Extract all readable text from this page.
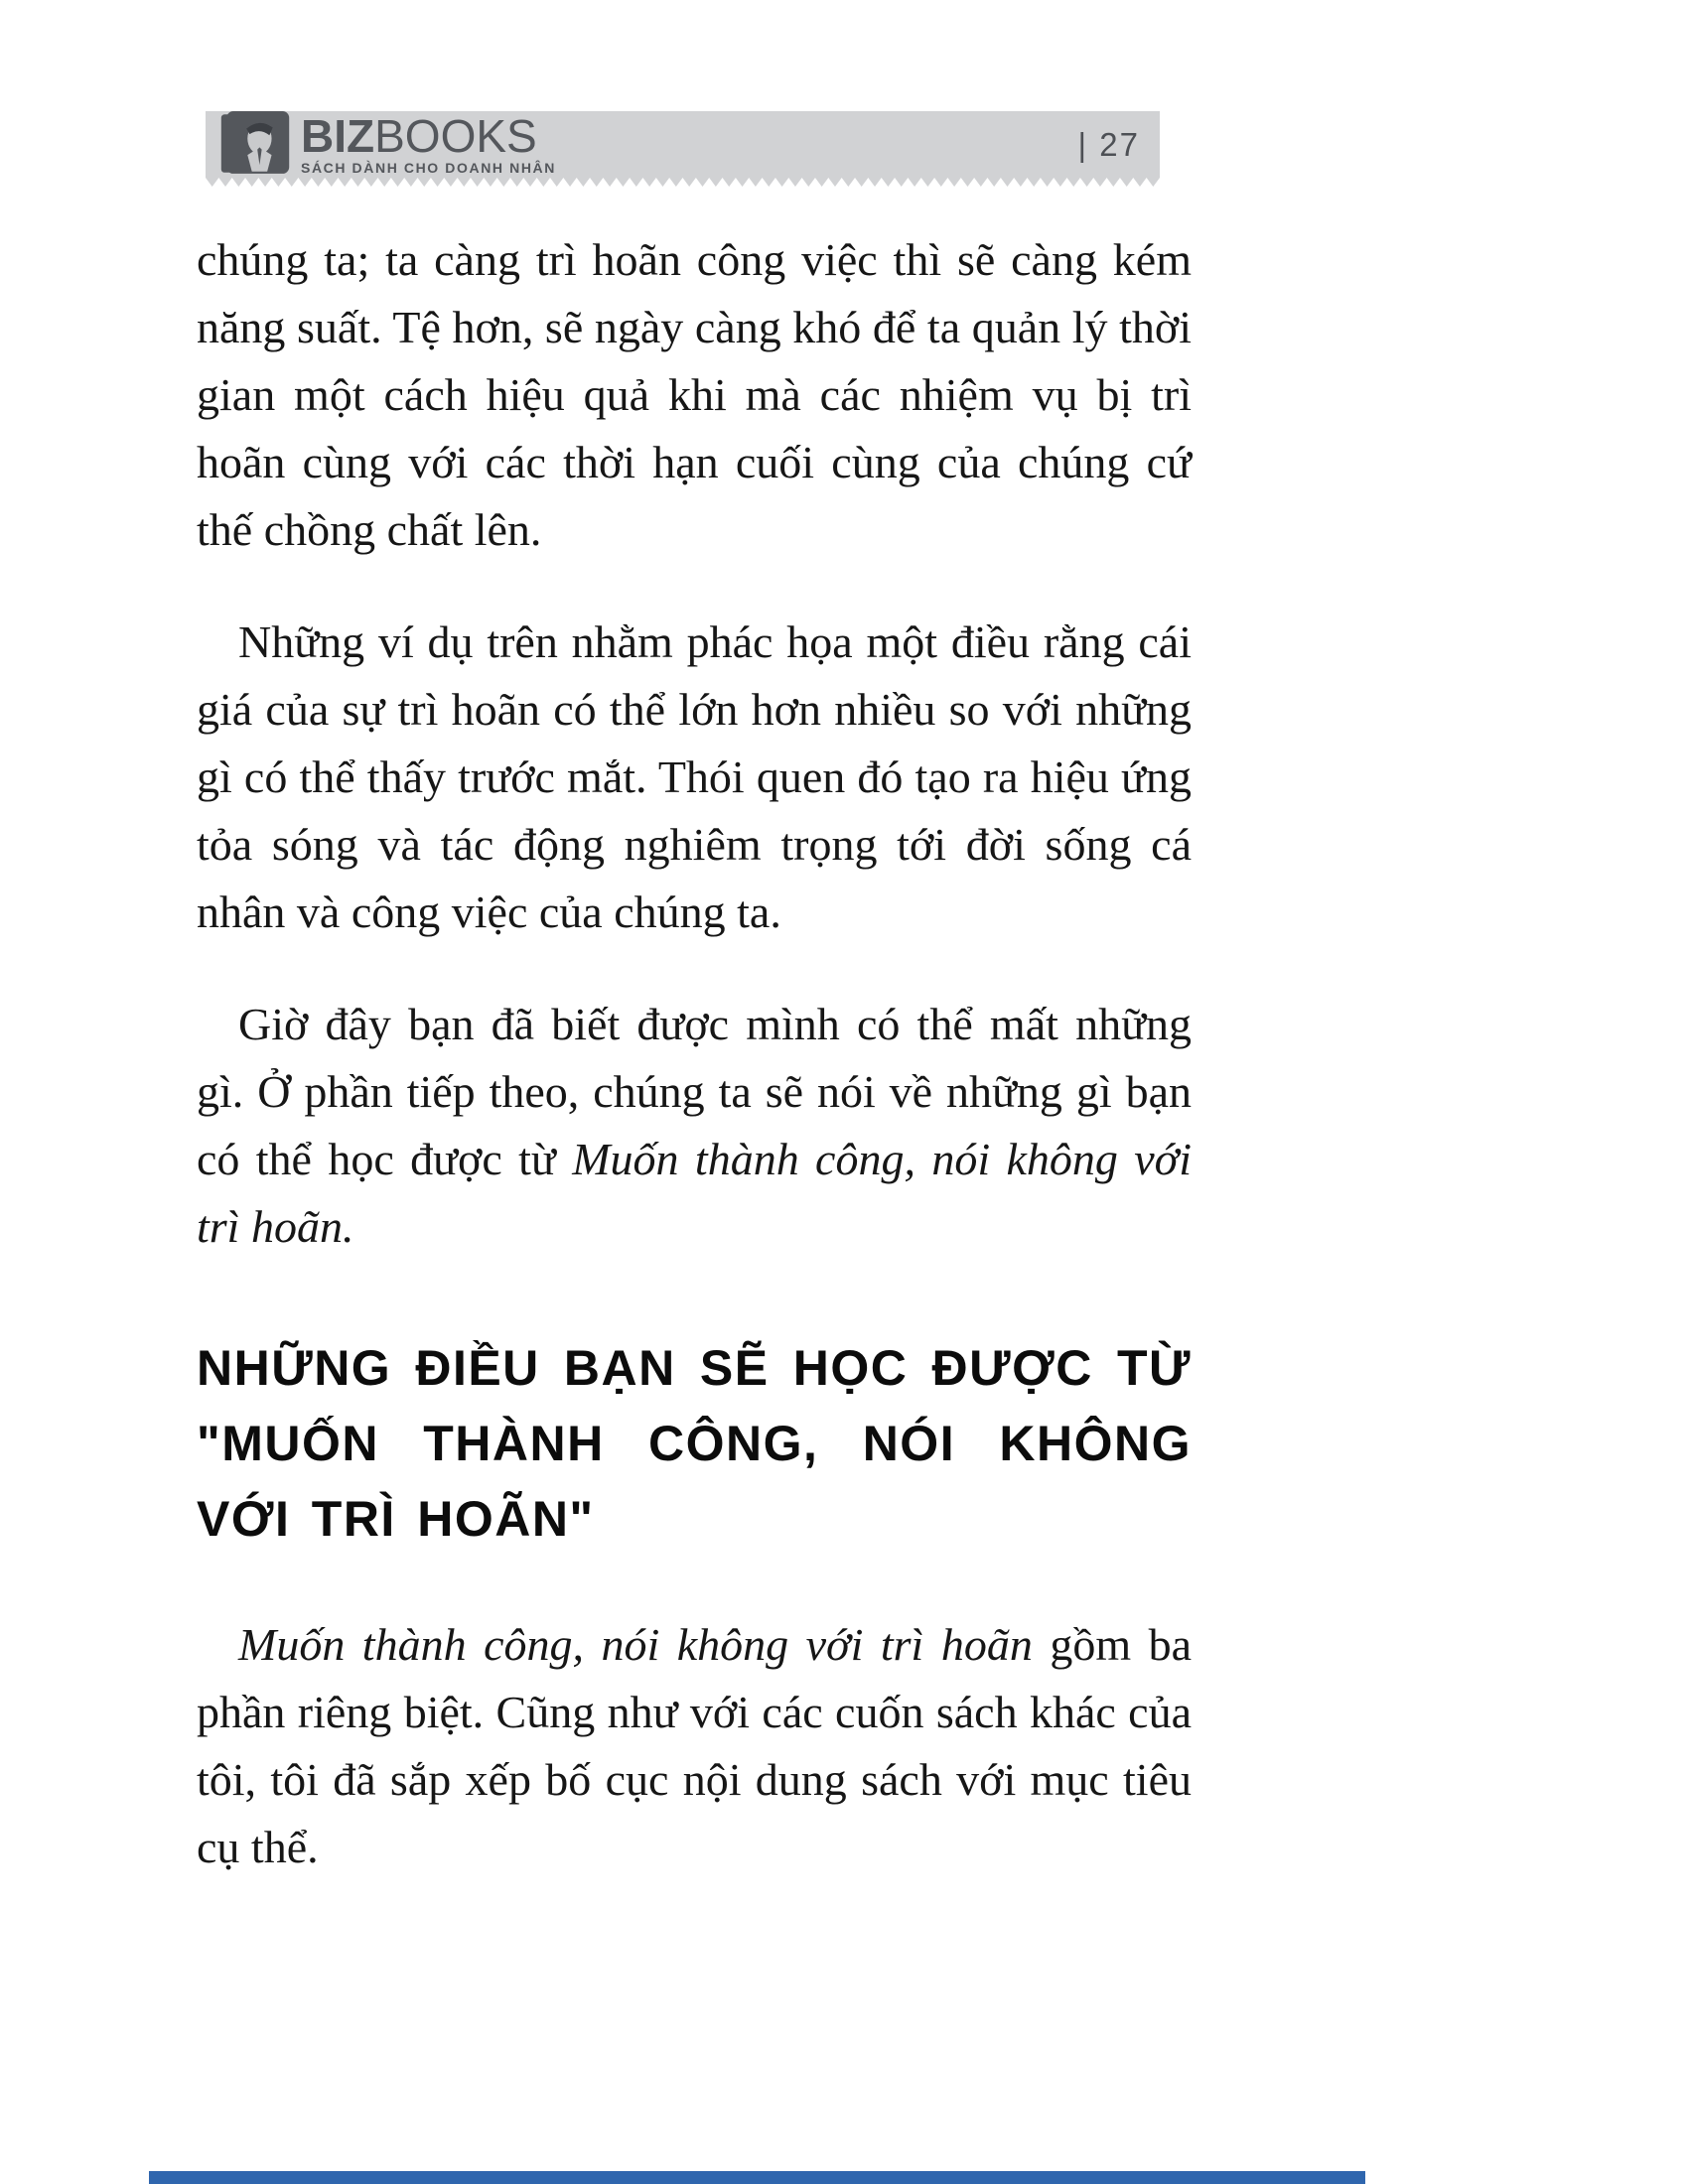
BIZBOOKS
SÁCH DÀNH CHO DOANH NHÂN
| 27

chúng ta; ta càng trì hoãn công việc thì sẽ càng kém năng suất. Tệ hơn, sẽ ngày càng khó để ta quản lý thời gian một cách hiệu quả khi mà các nhiệm vụ bị trì hoãn cùng với các thời hạn cuối cùng của chúng cứ thế chồng chất lên.

Những ví dụ trên nhằm phác họa một điều rằng cái giá của sự trì hoãn có thể lớn hơn nhiều so với những gì có thể thấy trước mắt. Thói quen đó tạo ra hiệu ứng tỏa sóng và tác động nghiêm trọng tới đời sống cá nhân và công việc của chúng ta.

Giờ đây bạn đã biết được mình có thể mất những gì. Ở phần tiếp theo, chúng ta sẽ nói về những gì bạn có thể học được từ Muốn thành công, nói không với trì hoãn.

NHỮNG ĐIỀU BẠN SẼ HỌC ĐƯỢC TỪ "MUỐN THÀNH CÔNG, NÓI KHÔNG VỚI TRÌ HOÃN"

Muốn thành công, nói không với trì hoãn gồm ba phần riêng biệt. Cũng như với các cuốn sách khác của tôi, tôi đã sắp xếp bố cục nội dung sách với mục tiêu cụ thể.
